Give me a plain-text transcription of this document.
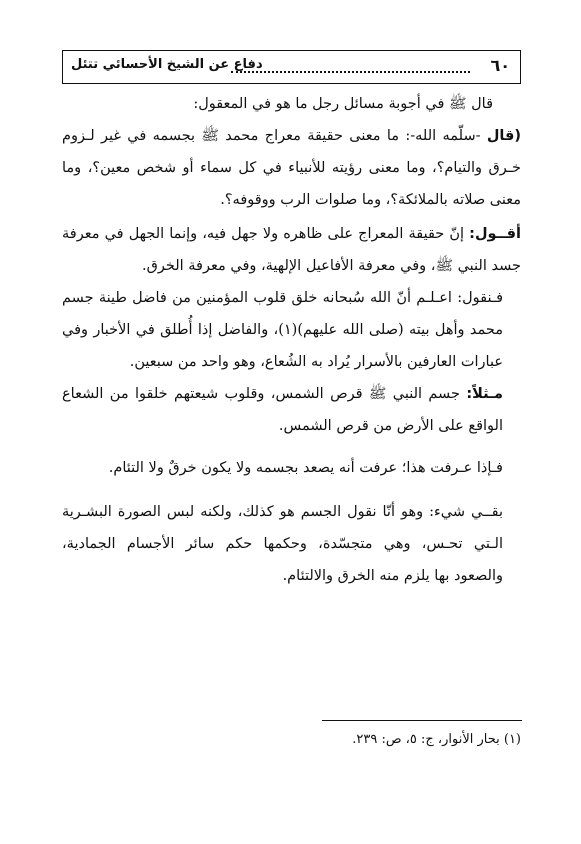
٦٠
دفاع عن الشيخ الأحسائي تتئل

قال ﷺ في أجوبة مسائل رجل ما هو في المعقول:

(قال -سلّمه الله-: ما معنى حقيقة معراج محمد ﷺ بجسمه في غير لـزوم خـرق والتيام؟، وما معنى رؤيته للأنبياء في كل سماء أو شخص معين؟، وما معنى صلاته بالملائكة؟، وما صلوات الرب ووقوفه؟.

أقــول: إنّ حقيقة المعراج على ظاهره ولا جهل فيه، وإنما الجهل في معرفة جسد النبي ﷺ، وفي معرفة الأفاعيل الإلهية، وفي معرفة الخرق.

فـنقول: اعـلـم أنّ الله سُبحانه خلق قلوب المؤمنين من فاضل طينة جسم محمد وأهل بيته (صلى الله عليهم)(١)، والفاضل إذا أُطلق في الأخبار وفي عبارات العارفين بالأسرار يُراد به الشُعاع، وهو واحد من سبعين.

مـثلاً: جسم النبي ﷺ قرص الشمس، وقلوب شيعتهم خلقوا من الشعاع الواقع على الأرض من قرص الشمس.

فـإذا عـرفت هذا؛ عرفت أنه يصعد بجسمه ولا يكون خرقٌ ولا التئام.

بقــي شيء: وهو أنّا نقول الجسم هو كذلك، ولكنه لبس الصورة البشـرية الـتي تحـس، وهي متجسّدة، وحكمها حكم سائر الأجسام الجمادية، والصعود بها يلزم منه الخرق والالتئام.

(١) بحار الأنوار، ج: ٥، ص: ٢٣٩.
